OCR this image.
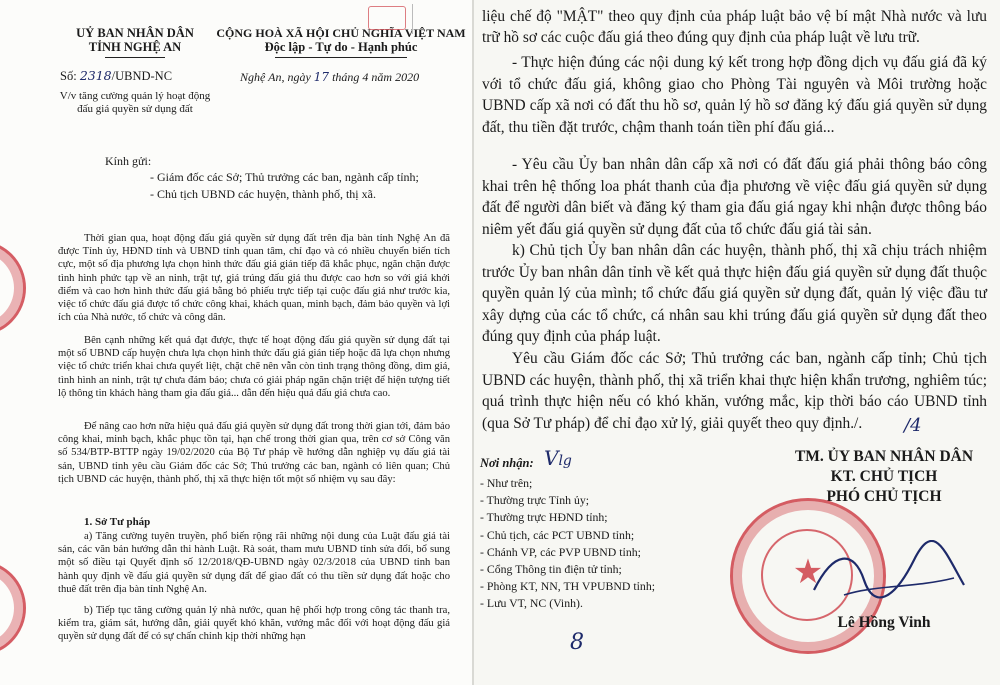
UỶ BAN NHÂN DÂN
TỈNH NGHỆ AN
CỘNG HOÀ XÃ HỘI CHỦ NGHĨA VIỆT NAM
Độc lập - Tự do - Hạnh phúc
Số: 2318/UBND-NC	Nghệ An, ngày 17 tháng 4 năm 2020
V/v tăng cường quản lý hoạt động
đấu giá quyền sử dụng đất
Kính gửi:
- Giám đốc các Sở; Thủ trưởng các ban, ngành cấp tỉnh;
- Chủ tịch UBND các huyện, thành phố, thị xã.
Thời gian qua, hoạt động đấu giá quyền sử dụng đất trên địa bàn tỉnh Nghệ An đã được Tỉnh ủy, HĐND tỉnh và UBND tỉnh quan tâm, chỉ đạo và có nhiều chuyển biến tích cực, một số địa phương lựa chọn hình thức đấu giá gián tiếp đã khắc phục, ngăn chặn được tình hình phức tạp về an ninh, trật tự, giá trúng đấu giá thu được cao hơn so với giá khởi điểm và cao hơn hình thức đấu giá bằng bỏ phiếu trực tiếp tại cuộc đấu giá như trước kia, việc tổ chức đấu giá được tổ chức công khai, khách quan, minh bạch, đảm bảo quyền và lợi ích của Nhà nước, tổ chức và công dân.
Bên cạnh những kết quả đạt được, thực tế hoạt động đấu giá quyền sử dụng đất tại một số UBND cấp huyện chưa lựa chọn hình thức đấu giá gián tiếp hoặc đã lựa chọn nhưng việc tổ chức triển khai chưa quyết liệt, chặt chẽ nên vẫn còn tình trạng thông đồng, dìm giá, tình hình an ninh, trật tự chưa đảm bảo; chưa có giải pháp ngăn chặn triệt để hiện tượng tiết lộ thông tin khách hàng tham gia đấu giá... dẫn đến hiệu quả đấu giá chưa cao.
Để nâng cao hơn nữa hiệu quả đấu giá quyền sử dụng đất trong thời gian tới, đảm bảo công khai, minh bạch, khắc phục tồn tại, hạn chế trong thời gian qua, trên cơ sở Công văn số 534/BTP-BTTP ngày 19/02/2020 của Bộ Tư pháp về hướng dẫn nghiệp vụ đấu giá tài sản, UBND tỉnh yêu cầu Giám đốc các Sở; Thủ trưởng các ban, ngành có liên quan; Chủ tịch UBND các huyện, thành phố, thị xã thực hiện tốt một số nhiệm vụ sau đây:
1. Sở Tư pháp
a) Tăng cường tuyên truyền, phổ biến rộng rãi những nội dung của Luật đấu giá tài sản, các văn bản hướng dẫn thi hành Luật. Rà soát, tham mưu UBND tỉnh sửa đổi, bổ sung một số điều tại Quyết định số 12/2018/QĐ-UBND ngày 02/3/2018 của UBND tỉnh ban hành quy định về đấu giá quyền sử dụng đất để giao đất có thu tiền sử dụng đất hoặc cho thuê đất trên địa bàn tỉnh Nghệ An.
b) Tiếp tục tăng cường quản lý nhà nước, quan hệ phối hợp trong công tác thanh tra, kiểm tra, giám sát, hướng dẫn, giải quyết khó khăn, vướng mắc đối với hoạt động đấu giá quyền sử dụng đất để có sự chấn chỉnh kịp thời những hạn
liệu chế độ "MẬT" theo quy định của pháp luật bảo vệ bí mật Nhà nước và lưu trữ hồ sơ các cuộc đấu giá theo đúng quy định của pháp luật về lưu trữ.
- Thực hiện đúng các nội dung ký kết trong hợp đồng dịch vụ đấu giá đã ký với tổ chức đấu giá, không giao cho Phòng Tài nguyên và Môi trường hoặc UBND cấp xã nơi có đất thu hồ sơ, quản lý hồ sơ đăng ký đấu giá quyền sử dụng đất, thu tiền đặt trước, chậm thanh toán tiền phí đấu giá...
- Yêu cầu Ủy ban nhân dân cấp xã nơi có đất đấu giá phải thông báo công khai trên hệ thống loa phát thanh của địa phương về việc đấu giá quyền sử dụng đất để người dân biết và đăng ký tham gia đấu giá ngay khi nhận được thông báo niêm yết đấu giá quyền sử dụng đất của tổ chức đấu giá tài sản.
k) Chủ tịch Ủy ban nhân dân các huyện, thành phố, thị xã chịu trách nhiệm trước Ủy ban nhân dân tỉnh về kết quả thực hiện đấu giá quyền sử dụng đất thuộc quyền quản lý của mình; tổ chức đấu giá quyền sử dụng đất, quản lý việc đầu tư xây dựng của các tổ chức, cá nhân sau khi trúng đấu giá quyền sử dụng đất theo đúng quy định của pháp luật.
Yêu cầu Giám đốc các Sở; Thủ trưởng các ban, ngành cấp tỉnh; Chủ tịch UBND các huyện, thành phố, thị xã triển khai thực hiện khẩn trương, nghiêm túc; quá trình thực hiện nếu có khó khăn, vướng mắc, kịp thời báo cáo UBND tỉnh (qua Sở Tư pháp) để chỉ đạo xử lý, giải quyết theo quy định./.
Nơi nhận: Vlg
- Như trên;
- Thường trực Tỉnh ủy;
- Thường trực HĐND tỉnh;
- Chủ tịch, các PCT UBND tỉnh;
- Chánh VP, các PVP UBND tỉnh;
- Cổng Thông tin điện tử tỉnh;
- Phòng KT, NN, TH VPUBND tỉnh;
- Lưu VT, NC (Vinh).
8
/4
TM. ỦY BAN NHÂN DÂN
KT. CHỦ TỊCH
PHÓ CHỦ TỊCH
★
Lê Hồng Vinh
